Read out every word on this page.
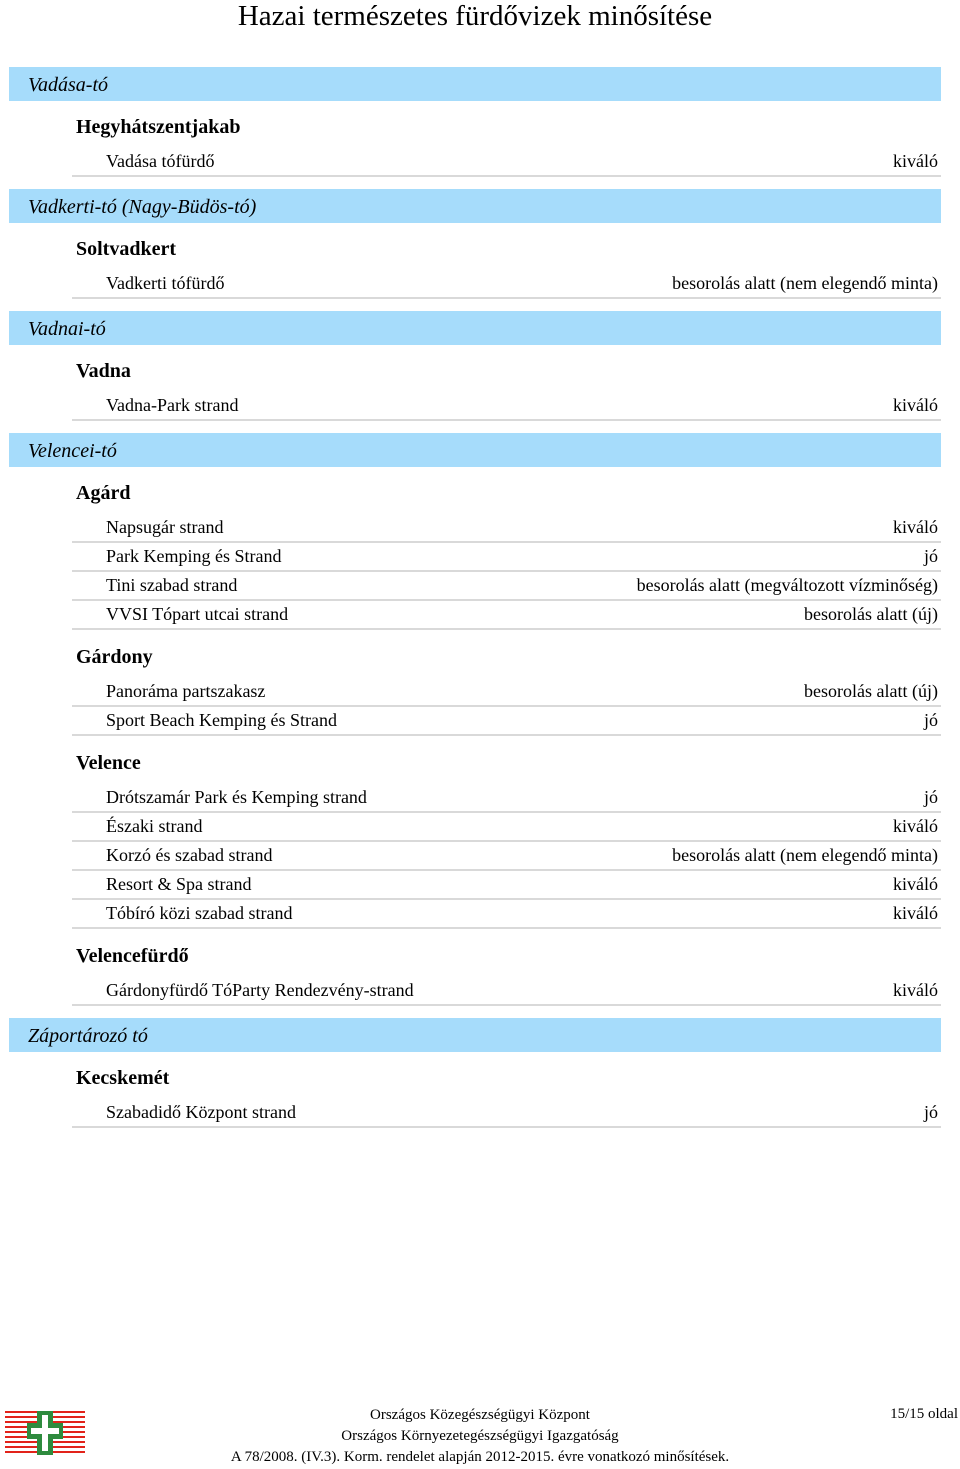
Hazai természetes fürdővizek minősítése
Vadása-tó
Hegyhátszentjakab
Vadása tófürdő	kiváló
Vadkerti-tó (Nagy-Büdös-tó)
Soltvadkert
Vadkerti tófürdő	besorolás alatt (nem elegendő minta)
Vadnai-tó
Vadna
Vadna-Park strand	kiváló
Velencei-tó
Agárd
Napsugár strand	kiváló
Park Kemping és Strand	jó
Tini szabad strand	besorolás alatt (megváltozott vízminőség)
VVSI Tópart utcai strand	besorolás alatt (új)
Gárdony
Panoráma partszakasz	besorolás alatt (új)
Sport Beach Kemping és Strand	jó
Velence
Drótszamár Park és Kemping strand	jó
Északi strand	kiváló
Korzó és szabad strand	besorolás alatt (nem elegendő minta)
Resort & Spa strand	kiváló
Tóbíró közi szabad strand	kiváló
Velencefürdő
Gárdonyfürdő TóParty Rendezvény-strand	kiváló
Záportározó tó
Kecskemét
Szabadidő Központ strand	jó
Országos Közegészségügyi Központ
Országos Környezetegészségügyi Igazgatóság
A 78/2008. (IV.3). Korm. rendelet alapján 2012-2015. évre vonatkozó minősítések.
15/15 oldal
